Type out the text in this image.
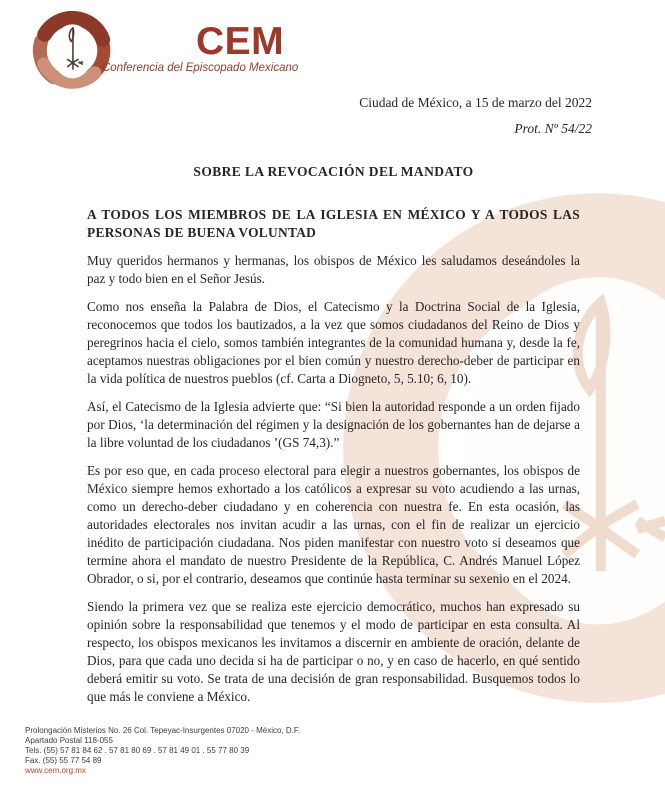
CEM
Conferencia del Episcopado Mexicano
Ciudad de México, a 15 de marzo del 2022
Prot. Nº 54/22
SOBRE LA REVOCACIÓN DEL MANDATO
A TODOS LOS MIEMBROS DE LA IGLESIA EN MÉXICO Y A TODOS LAS PERSONAS DE BUENA VOLUNTAD

Muy queridos hermanos y hermanas, los obispos de México les saludamos deseándoles la paz y todo bien en el Señor Jesús.

Como nos enseña la Palabra de Dios, el Catecismo y la Doctrina Social de la Iglesia, reconocemos que todos los bautizados, a la vez que somos ciudadanos del Reino de Dios y peregrinos hacia el cielo, somos también integrantes de la comunidad humana y, desde la fe, aceptamos nuestras obligaciones por el bien común y nuestro derecho-deber de participar en la vida política de nuestros pueblos (cf. Carta a Diogneto, 5, 5.10; 6, 10).

Así, el Catecismo de la Iglesia advierte que: “Si bien la autoridad responde a un orden fijado por Dios, ‘la determinación del régimen y la designación de los gobernantes han de dejarse a la libre voluntad de los ciudadanos ’(GS 74,3).”

Es por eso que, en cada proceso electoral para elegir a nuestros gobernantes, los obispos de México siempre hemos exhortado a los católicos a expresar su voto acudiendo a las urnas, como un derecho-deber ciudadano y en coherencia con nuestra fe. En esta ocasión, las autoridades electorales nos invitan acudir a las urnas, con el fin de realizar un ejercicio inédito de participación ciudadana. Nos piden manifestar con nuestro voto si deseamos que termine ahora el mandato de nuestro Presidente de la República, C. Andrés Manuel López Obrador, o si, por el contrario, deseamos que continúe hasta terminar su sexenio en el 2024.

Siendo la primera vez que se realiza este ejercicio democrático, muchos han expresado su opinión sobre la responsabilidad que tenemos y el modo de participar en esta consulta. Al respecto, los obispos mexicanos les invitamos a discernir en ambiente de oración, delante de Dios, para que cada uno decida si ha de participar o no, y en caso de hacerlo, en qué sentido deberá emitir su voto. Se trata de una decisión de gran responsabilidad. Busquemos todos lo que más le conviene a México.

Prolongación Misterios No. 26 Col. Tepeyac-Insurgentes 07020 - México, D.F.
Apartado Postal 118-055
Tels. (55) 57 81 84 62 . 57 81 80 69 . 57 81 49 01 . 55 77 80 39
Fax. (55) 55 77 54 89
www.cem.org.mx
